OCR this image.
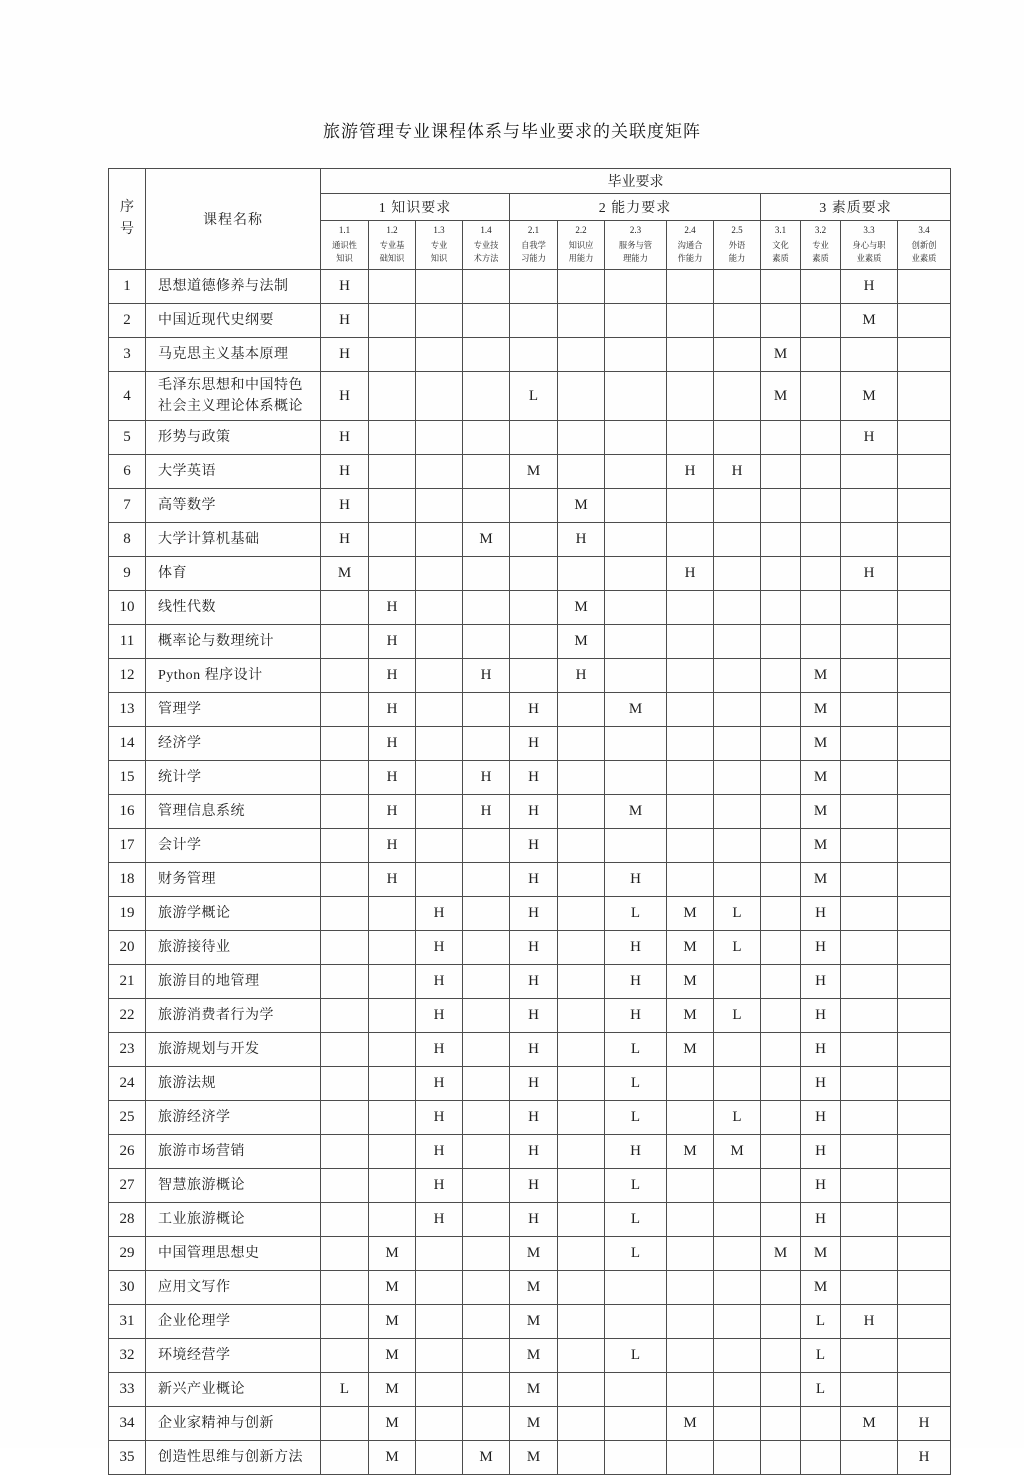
旅游管理专业课程体系与毕业要求的关联度矩阵
序
号	课程名称	毕业要求												
		1 知识要求				2 能力要求					3 素质要求			

		1.1
通识性
知识	1.2
专业基
础知识	1.3
专业
知识	1.4
专业技
术方法	2.1
自我学
习能力	2.2
知识应
用能力	2.3
服务与管
理能力	2.4
沟通合
作能力	2.5
外语
能力	3.1
文化
素质	3.2
专业
素质	3.3
身心与职
业素质	3.4
创新创
业素质

1	思想道德修养与法制	H											H	
2	中国近现代史纲要	H											M	
3	马克思主义基本原理	H									M			
4	毛泽东思想和中国特色社会主义理论体系概论	H				L					M		M	
5	形势与政策	H											H	
6	大学英语	H				M			H	H				
7	高等数学	H					M							
8	大学计算机基础	H			M		H							
9	体育	M							H				H	
10	线性代数		H				M							
11	概率论与数理统计		H				M							
12	Python 程序设计		H		H		H					M		
13	管理学		H			H		M				M		
14	经济学		H			H						M		
15	统计学		H		H	H						M		
16	管理信息系统		H		H	H		M				M		
17	会计学		H			H						M		
18	财务管理		H			H		H				M		
19	旅游学概论			H		H		L	M	L		H		
20	旅游接待业			H		H		H	M	L		H		
21	旅游目的地管理			H		H		H	M			H		
22	旅游消费者行为学			H		H		H	M	L		H		
23	旅游规划与开发			H		H		L	M			H		
24	旅游法规			H		H		L				H		
25	旅游经济学			H		H		L		L		H		
26	旅游市场营销			H		H		H	M	M		H		
27	智慧旅游概论			H		H		L				H		
28	工业旅游概论			H		H		L				H		
29	中国管理思想史		M			M		L			M	M		
30	应用文写作		M			M						M		
31	企业伦理学		M			M						L	H	
32	环境经营学		M			M		L				L		
33	新兴产业概论	L	M			M						L		
34	企业家精神与创新		M			M			M				M	H
35	创造性思维与创新方法		M		M	M								H
